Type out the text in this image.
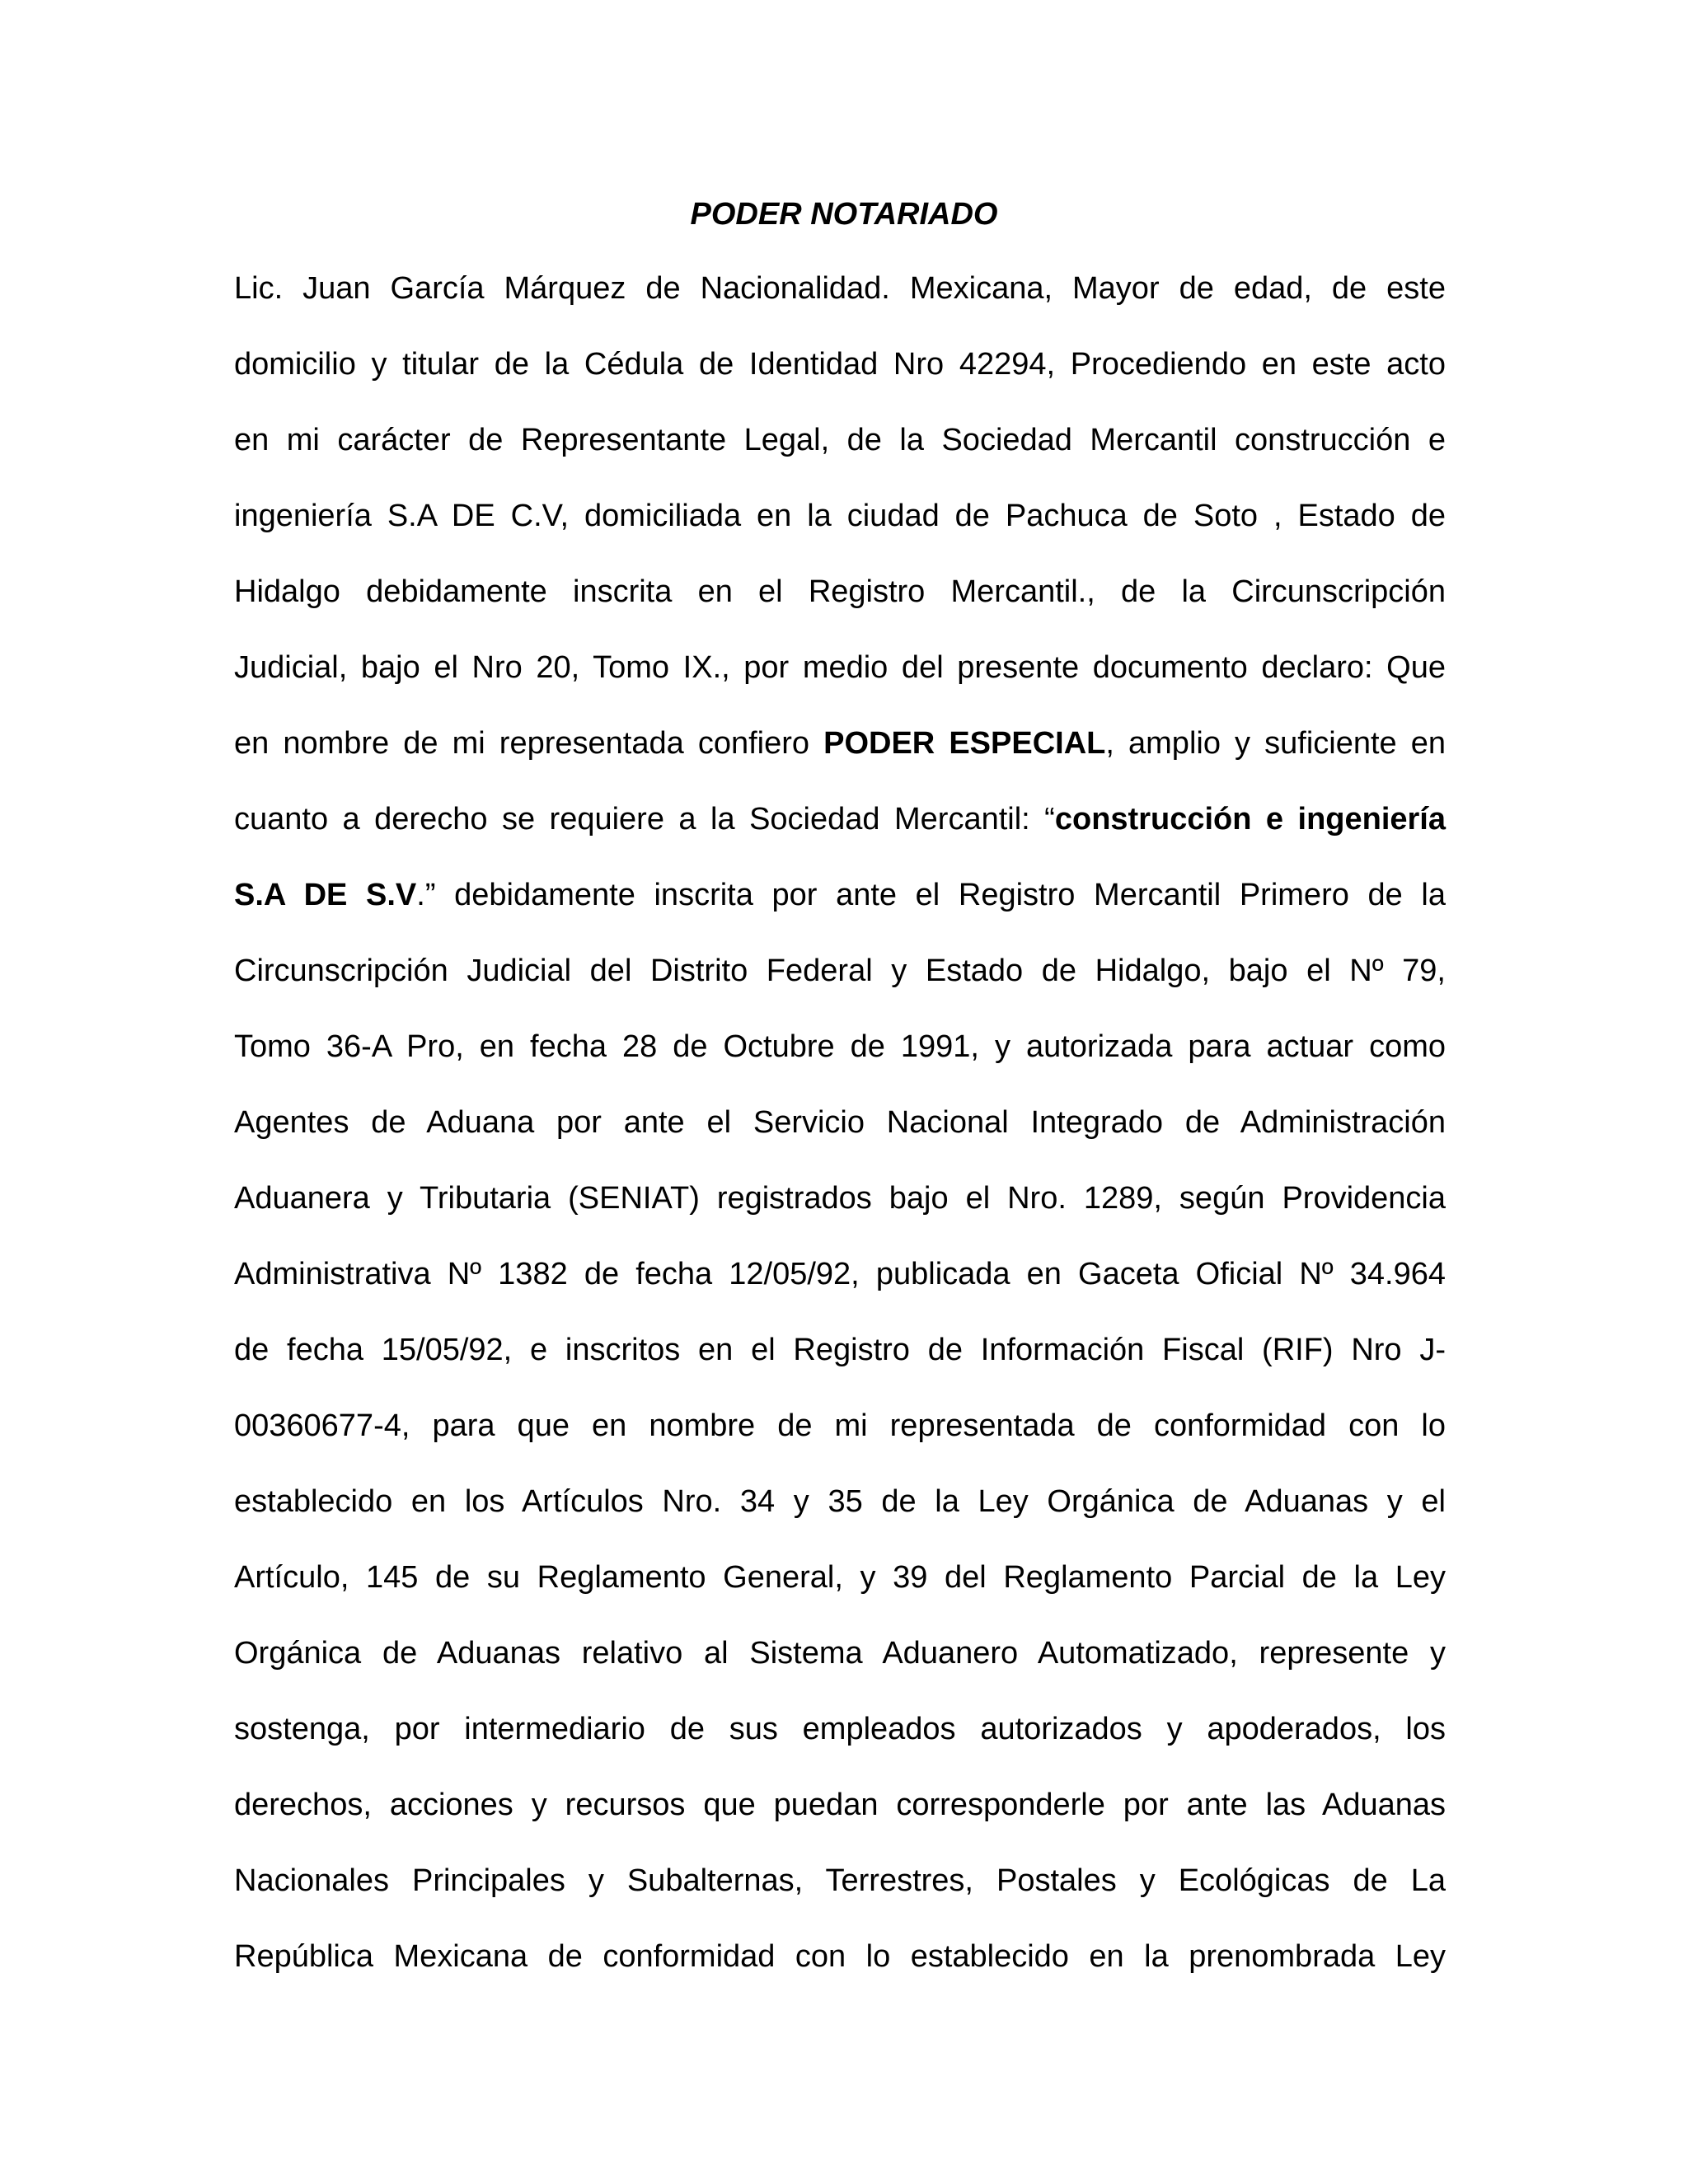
PODER NOTARIADO
Lic. Juan García Márquez de Nacionalidad. Mexicana, Mayor de edad, de este
domicilio y titular de la Cédula de Identidad Nro 42294, Procediendo en este acto
en mi carácter de Representante Legal, de la Sociedad Mercantil construcción e
ingeniería S.A DE C.V, domiciliada en la ciudad de Pachuca de Soto , Estado de
Hidalgo debidamente inscrita en el Registro Mercantil., de la Circunscripción
Judicial, bajo el Nro 20, Tomo IX., por medio del presente documento declaro: Que
en nombre de mi representada confiero PODER ESPECIAL, amplio y suficiente en
cuanto a derecho se requiere a la Sociedad Mercantil: “construcción e ingeniería
S.A DE S.V.” debidamente inscrita por ante el Registro Mercantil Primero de la
Circunscripción Judicial del Distrito Federal y Estado de Hidalgo, bajo el Nº 79,
Tomo 36-A Pro, en fecha 28 de Octubre de 1991, y autorizada para actuar como
Agentes de Aduana por ante el Servicio Nacional Integrado de Administración
Aduanera y Tributaria (SENIAT) registrados bajo el Nro. 1289, según Providencia
Administrativa Nº 1382 de fecha 12/05/92, publicada en Gaceta Oficial Nº 34.964
de fecha 15/05/92, e inscritos en el Registro de Información Fiscal (RIF) Nro J-
00360677-4, para que en nombre de mi representada de conformidad con lo
establecido en los Artículos Nro. 34 y 35 de la Ley Orgánica de Aduanas y el
Artículo, 145 de su Reglamento General, y 39 del Reglamento Parcial de la Ley
Orgánica de Aduanas relativo al Sistema Aduanero Automatizado, represente y
sostenga, por intermediario de sus empleados autorizados y apoderados, los
derechos, acciones y recursos que puedan corresponderle por ante las Aduanas
Nacionales Principales y Subalternas, Terrestres, Postales y Ecológicas de La
República Mexicana de conformidad con lo establecido en la prenombrada Ley
